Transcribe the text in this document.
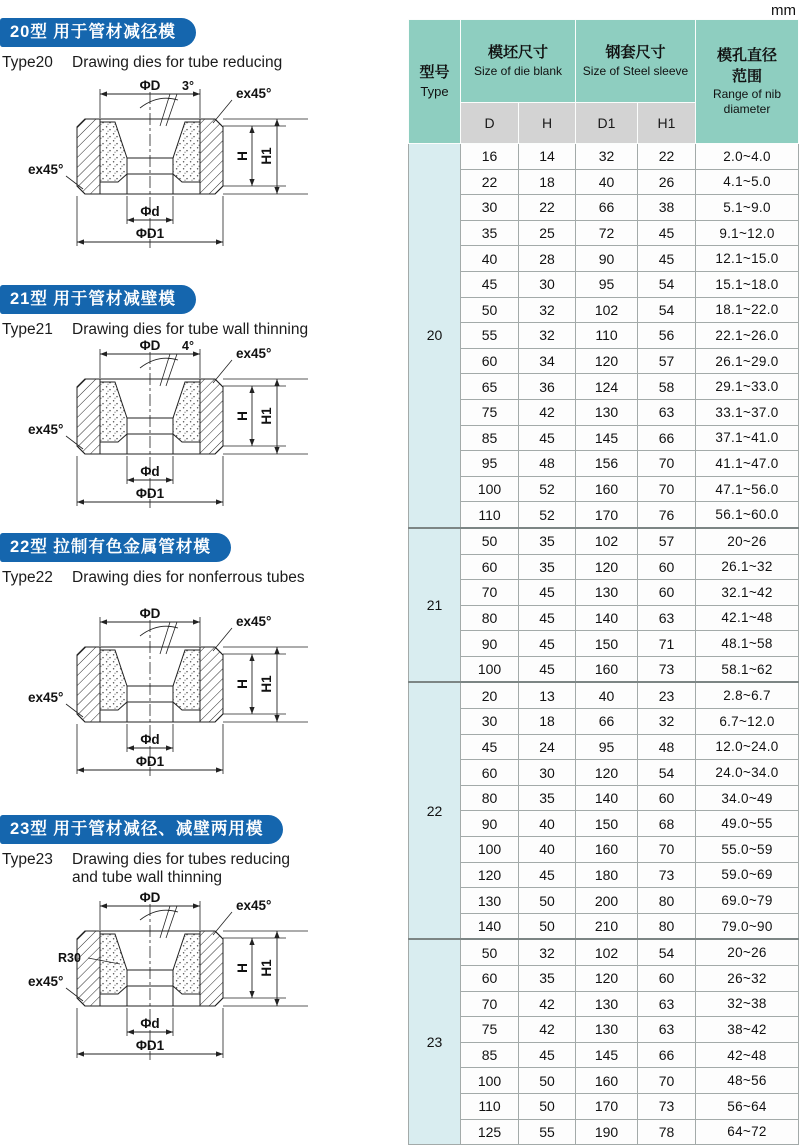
20型 用于管材减径模
Type20 Drawing dies for tube reducing
ΦD 3°	ex45°
ex45°
H H1
Φd
ΦD1
21型 用于管材减壁模
Type21 Drawing dies for tube wall thinning
ΦD 4°	ex45°
ex45°
H H1
Φd
ΦD1
22型 拉制有色金属管材模
Type22 Drawing dies for nonferrous tubes
ΦD
ex45°
ex45°
H H1
Φd
ΦD1
23型 用于管材减径、减壁两用模
Type23 Drawing dies for tubes reducing
and tube wall thinning
R30
ΦD
ex45°
ex45°
H H1
Φd
ΦD1
mm
型号
Type

模坯尺寸
Size of die blank

钢套尺寸
Size of Steel sleeve

模孔直径
范围
Range of nib diameter

	D	H	D1	H1	
20	16	14	32	22	2.0~4.0
	22	18	40	26	4.1~5.0
	30	22	66	38	5.1~9.0
	35	25	72	45	9.1~12.0
	40	28	90	45	12.1~15.0
	45	30	95	54	15.1~18.0
	50	32	102	54	18.1~22.0
	55	32	110	56	22.1~26.0
	60	34	120	57	26.1~29.0
	65	36	124	58	29.1~33.0
	75	42	130	63	33.1~37.0
	85	45	145	66	37.1~41.0
	95	48	156	70	41.1~47.0
	100	52	160	70	47.1~56.0
	110	52	170	76	56.1~60.0
21	50	35	102	57	20~26
	60	35	120	60	26.1~32
	70	45	130	60	32.1~42
	80	45	140	63	42.1~48
	90	45	150	71	48.1~58
	100	45	160	73	58.1~62
22	20	13	40	23	2.8~6.7
	30	18	66	32	6.7~12.0
	45	24	95	48	12.0~24.0
	60	30	120	54	24.0~34.0
	80	35	140	60	34.0~49
	90	40	150	68	49.0~55
	100	40	160	70	55.0~59
	120	45	180	73	59.0~69
	130	50	200	80	69.0~79
	140	50	210	80	79.0~90
23	50	32	102	54	20~26
	60	35	120	60	26~32
	70	42	130	63	32~38
	75	42	130	63	38~42
	85	45	145	66	42~48
	100	50	160	70	48~56
	110	50	170	73	56~64
	125	55	190	78	64~72
